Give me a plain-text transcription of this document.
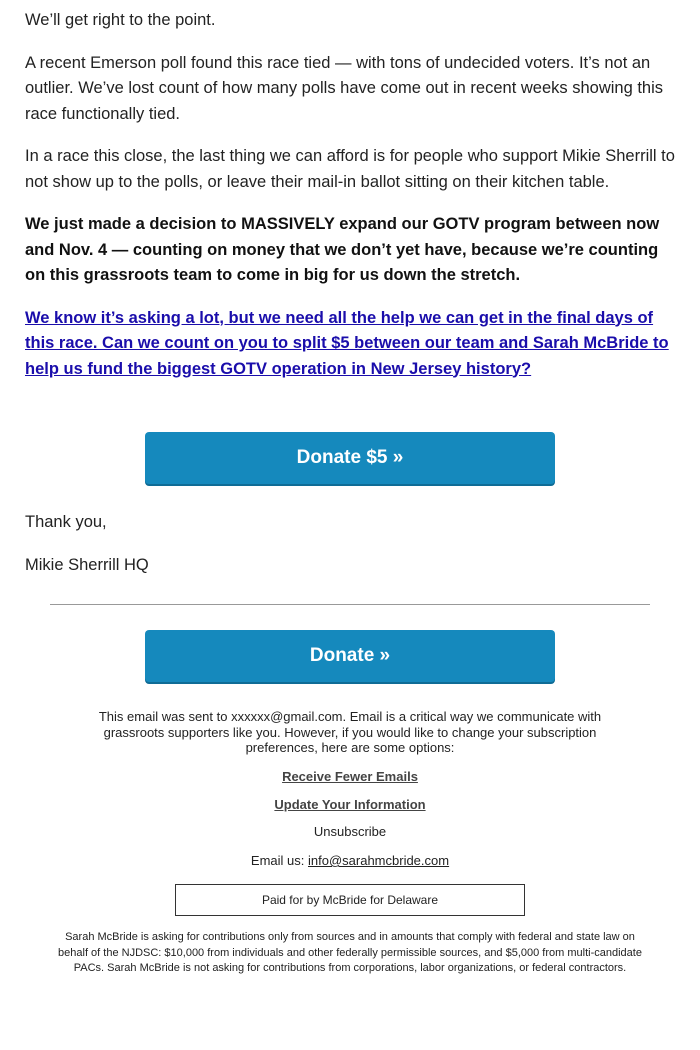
We’ll get right to the point.

A recent Emerson poll found this race tied — with tons of undecided voters. It’s not an outlier. We’ve lost count of how many polls have come out in recent weeks showing this race functionally tied.

In a race this close, the last thing we can afford is for people who support Mikie Sherrill to not show up to the polls, or leave their mail-in ballot sitting on their kitchen table.

We just made a decision to MASSIVELY expand our GOTV program between now and Nov. 4 — counting on money that we don’t yet have, because we’re counting on this grassroots team to come in big for us down the stretch.

We know it’s asking a lot, but we need all the help we can get in the final days of this race. Can we count on you to split $5 between our team and Sarah McBride to help us fund the biggest GOTV operation in New Jersey history?

Donate $5 »
Thank you,
Mikie Sherrill HQ
Donate »
This email was sent to xxxxxx@gmail.com. Email is a critical way we communicate with grassroots supporters like you. However, if you would like to change your subscription preferences, here are some options:
Receive Fewer Emails
Update Your Information
Unsubscribe
Email us: info@sarahmcbride.com
Paid for by McBride for Delaware
Sarah McBride is asking for contributions only from sources and in amounts that comply with federal and state law on behalf of the NJDSC: $10,000 from individuals and other federally permissible sources, and $5,000 from multi-candidate PACs. Sarah McBride is not asking for contributions from corporations, labor organizations, or federal contractors.
